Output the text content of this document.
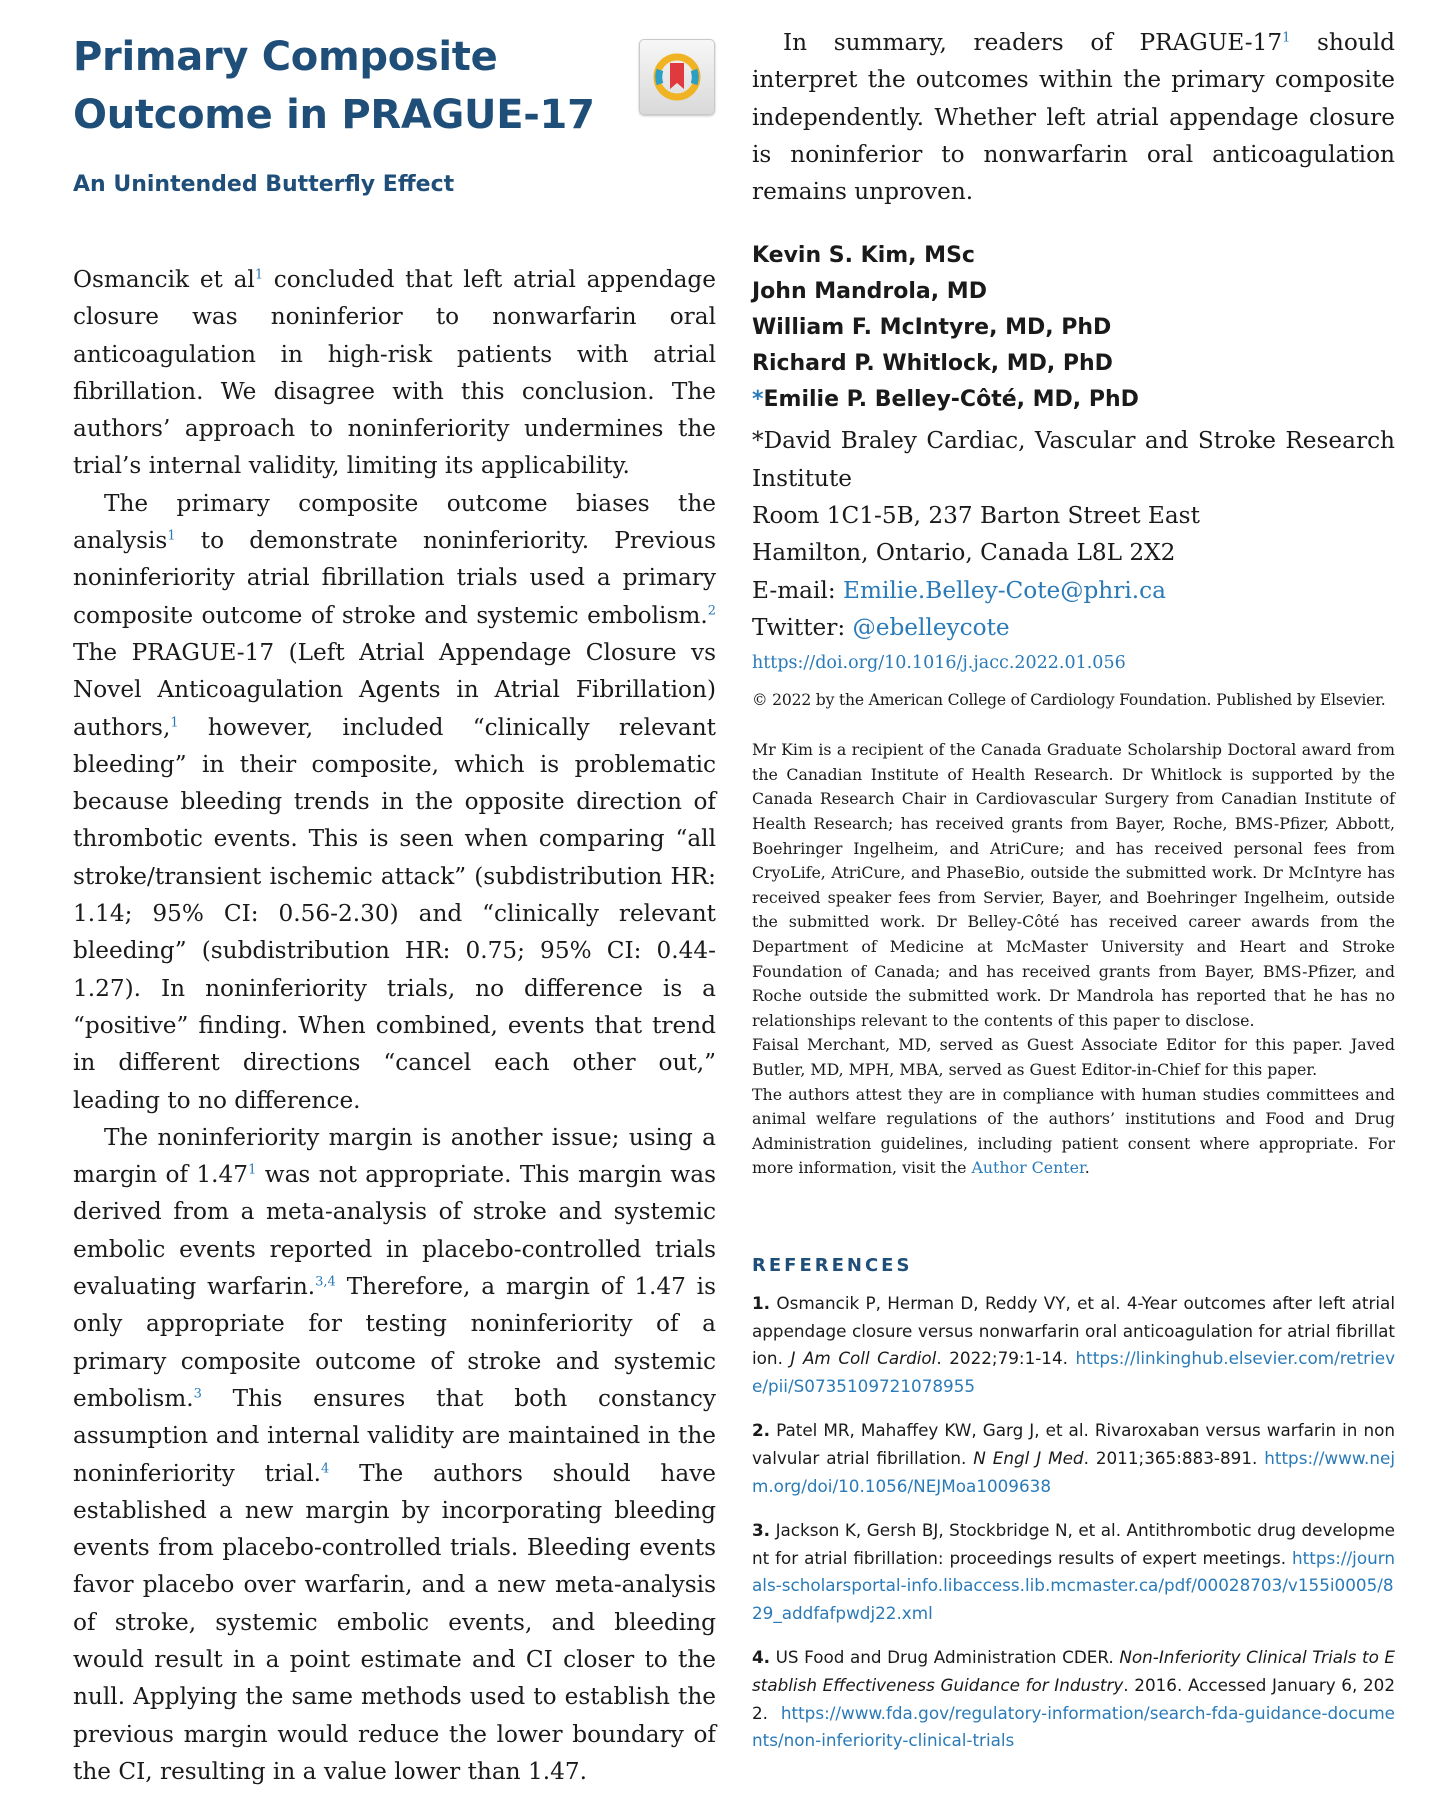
Primary Composite Outcome in PRAGUE-17
An Unintended Butterfly Effect

Osmancik et al$^1$ concluded that left atrial appendage closure was noninferior to nonwarfarin oral anticoagulation in high-risk patients with atrial fibrillation. We disagree with this conclusion. The authors’ approach to noninferiority undermines the trial’s internal validity, limiting its applicability.

The primary composite outcome biases the analysis$^1$ to demonstrate noninferiority. Previous noninferiority atrial fibrillation trials used a primary composite outcome of stroke and systemic embolism.$^2$ The PRAGUE-17 (Left Atrial Appendage Closure vs Novel Anticoagulation Agents in Atrial Fibrillation) authors,$^1$ however, included “clinically relevant bleeding” in their composite, which is problematic because bleeding trends in the opposite direction of thrombotic events. This is seen when comparing “all stroke/transient ischemic attack” (subdistribution HR: 1.14; 95% CI: 0.56-2.30) and “clinically relevant bleeding” (subdistribution HR: 0.75; 95% CI: 0.44-1.27). In noninferiority trials, no difference is a “positive” finding. When combined, events that trend in different directions “cancel each other out,” leading to no difference.

The noninferiority margin is another issue; using a margin of 1.47$^1$ was not appropriate. This margin was derived from a meta-analysis of stroke and systemic embolic events reported in placebo-controlled trials evaluating warfarin.$^{3,4}$ Therefore, a margin of 1.47 is only appropriate for testing noninferiority of a primary composite outcome of stroke and systemic embolism.$^3$ This ensures that both constancy assumption and internal validity are maintained in the noninferiority trial.$^4$ The authors should have established a new margin by incorporating bleeding events from placebo-controlled trials. Bleeding events favor placebo over warfarin, and a new meta-analysis of stroke, systemic embolic events, and bleeding would result in a point estimate and CI closer to the null. Applying the same methods used to establish the previous margin would reduce the lower boundary of the CI, resulting in a value lower than 1.47.

In summary, readers of PRAGUE-17$^1$ should interpret the outcomes within the primary composite independently. Whether left atrial appendage closure is noninferior to nonwarfarin oral anticoagulation remains unproven.

Kevin S. Kim, MSc
John Mandrola, MD
William F. McIntyre, MD, PhD
Richard P. Whitlock, MD, PhD
*Emilie P. Belley-Côté, MD, PhD
*David Braley Cardiac, Vascular and Stroke Research Institute
Room 1C1-5B, 237 Barton Street East
Hamilton, Ontario, Canada L8L 2X2
E-mail: Emilie.Belley-Cote@phri.ca
Twitter: @ebelleycote
https://doi.org/10.1016/j.jacc.2022.01.056
© 2022 by the American College of Cardiology Foundation. Published by Elsevier.

Mr Kim is a recipient of the Canada Graduate Scholarship Doctoral award from the Canadian Institute of Health Research. Dr Whitlock is supported by the Canada Research Chair in Cardiovascular Surgery from Canadian Institute of Health Research; has received grants from Bayer, Roche, BMS-Pfizer, Abbott, Boehringer Ingelheim, and AtriCure; and has received personal fees from CryoLife, AtriCure, and PhaseBio, outside the submitted work. Dr McIntyre has received speaker fees from Servier, Bayer, and Boehringer Ingelheim, outside the submitted work. Dr Belley-Côté has received career awards from the Department of Medicine at McMaster University and Heart and Stroke Foundation of Canada; and has received grants from Bayer, BMS-Pfizer, and Roche outside the submitted work. Dr Mandrola has reported that he has no relationships relevant to the contents of this paper to disclose.

Faisal Merchant, MD, served as Guest Associate Editor for this paper. Javed Butler, MD, MPH, MBA, served as Guest Editor-in-Chief for this paper.

The authors attest they are in compliance with human studies committees and animal welfare regulations of the authors’ institutions and Food and Drug Administration guidelines, including patient consent where appropriate. For more information, visit the Author Center.

REFERENCES
1. Osmancik P, Herman D, Reddy VY, et al. 4-Year outcomes after left atrial appendage closure versus nonwarfarin oral anticoagulation for atrial fibrillation. J Am Coll Cardiol. 2022;79:1-14. https://linkinghub.elsevier.com/retrieve/pii/S0735109721078955
2. Patel MR, Mahaffey KW, Garg J, et al. Rivaroxaban versus warfarin in nonvalvular atrial fibrillation. N Engl J Med. 2011;365:883-891. https://www.nejm.org/doi/10.1056/NEJMoa1009638
3. Jackson K, Gersh BJ, Stockbridge N, et al. Antithrombotic drug development for atrial fibrillation: proceedings results of expert meetings. https://journals-scholarsportal-info.libaccess.lib.mcmaster.ca/pdf/00028703/v155i0005/829_addfafpwdj22.xml
4. US Food and Drug Administration CDER. Non-Inferiority Clinical Trials to Establish Effectiveness Guidance for Industry. 2016. Accessed January 6, 2022. https://www.fda.gov/regulatory-information/search-fda-guidance-documents/non-inferiority-clinical-trials
